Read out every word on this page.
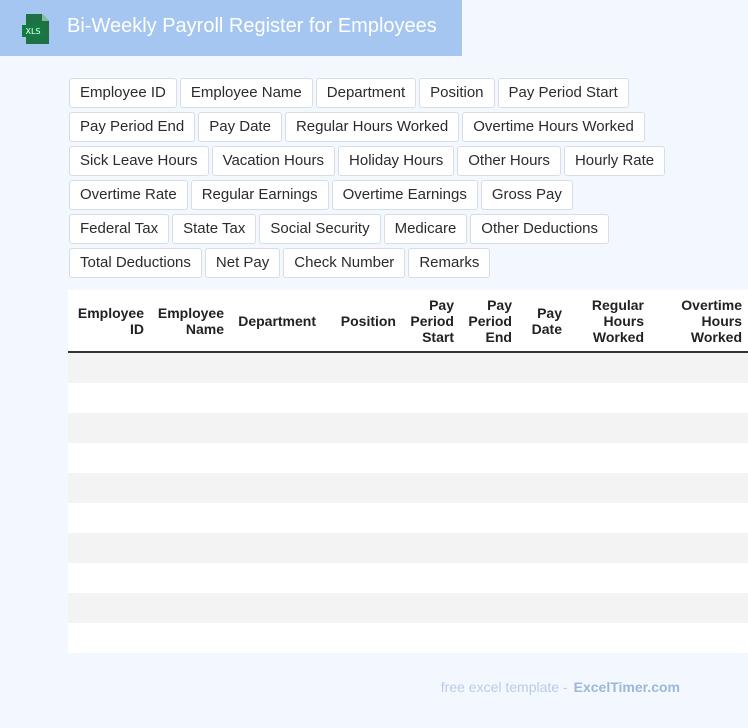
XLS Bi-Weekly Payroll Register for Employees
Employee ID	Employee Name	Department	Position	Pay Period Start
Pay Period End	Pay Date	Regular Hours Worked	Overtime Hours Worked
Sick Leave Hours	Vacation Hours	Holiday Hours	Other Hours	Hourly Rate
Overtime Rate	Regular Earnings	Overtime Earnings	Gross Pay
Federal Tax	State Tax	Social Security	Medicare	Other Deductions
Total Deductions	Net Pay	Check Number	Remarks
Employee ID	Employee Name	Department	Position	Pay Period Start	Pay Period End	Pay Date	Regular Hours Worked	Overtime Hours Worked

free excel template - ExcelTimer.com
